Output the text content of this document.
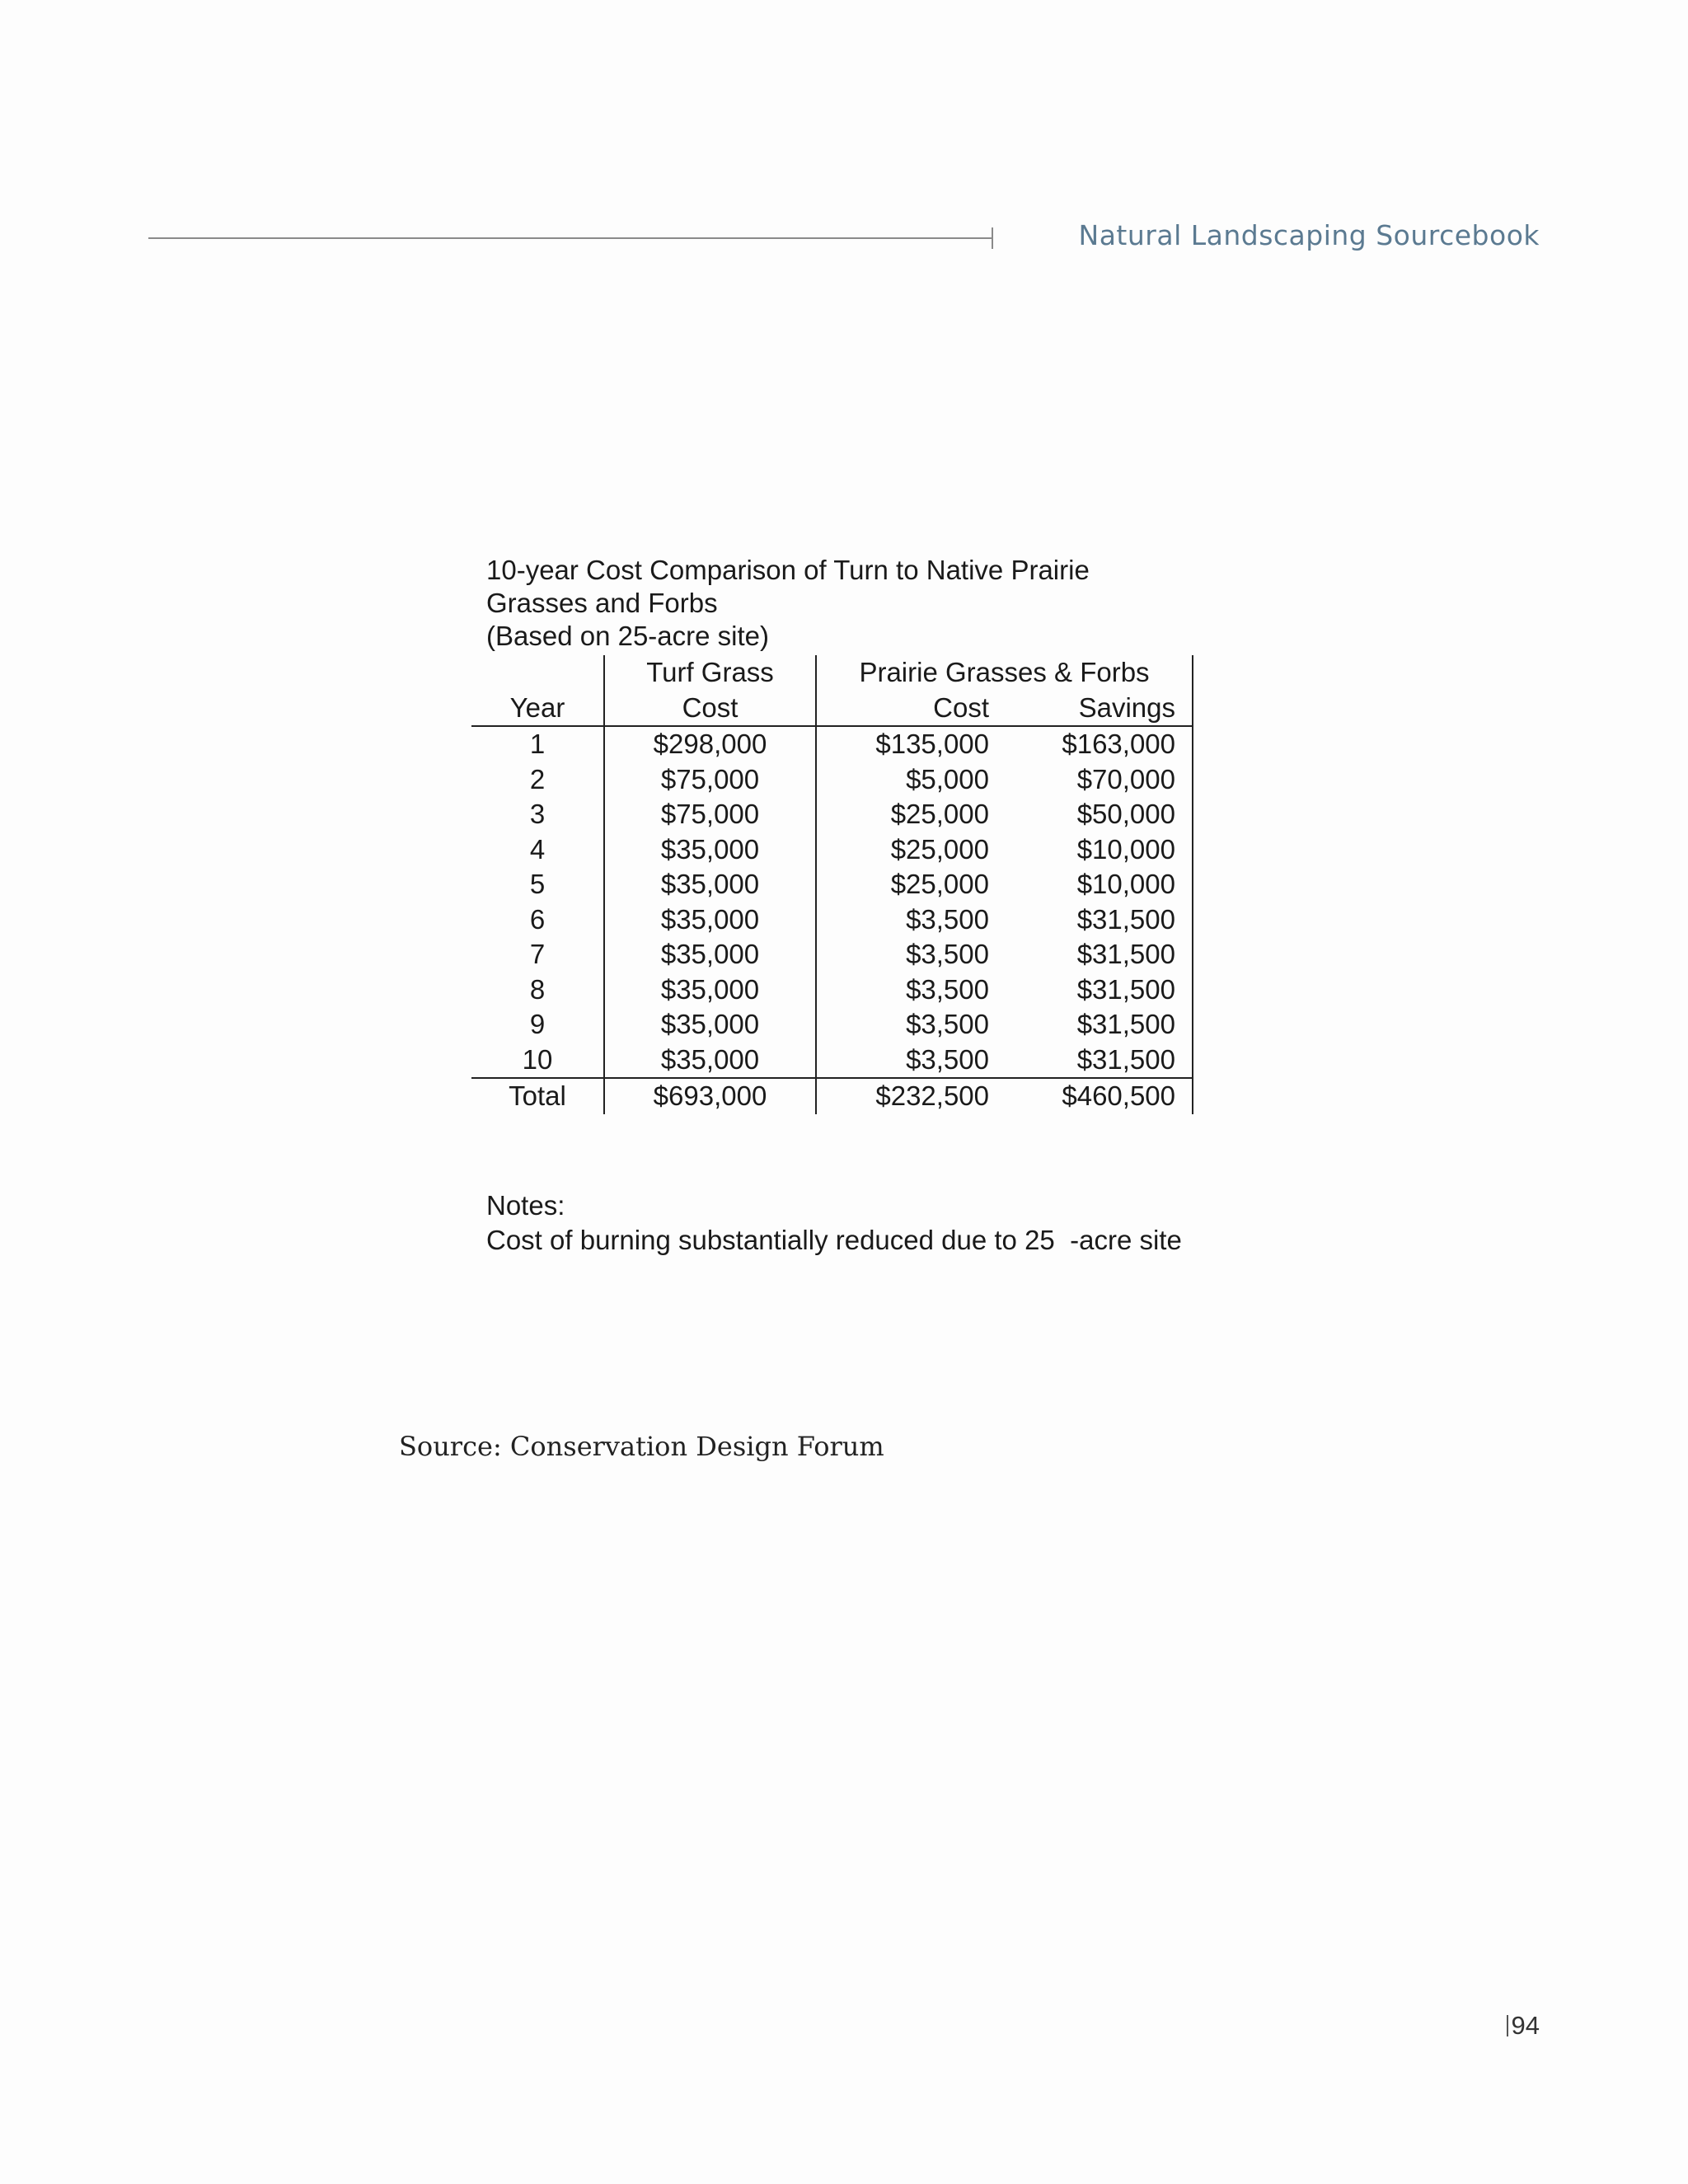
Natural Landscaping Sourcebook
10-year Cost Comparison of Turn to Native Prairie
Grasses and Forbs
(Based on 25-acre site)
	Turf Grass	Prairie Grasses & Forbs	
Year	Cost	Cost	Savings
1	$298,000	$135,000	$163,000
2	$75,000	$5,000	$70,000
3	$75,000	$25,000	$50,000
4	$35,000	$25,000	$10,000
5	$35,000	$25,000	$10,000
6	$35,000	$3,500	$31,500
7	$35,000	$3,500	$31,500
8	$35,000	$3,500	$31,500
9	$35,000	$3,500	$31,500
10	$35,000	$3,500	$31,500
Total	$693,000	$232,500	$460,500
Notes:
Cost of burning substantially reduced due to 25  -acre site
Source: Conservation Design Forum
94
